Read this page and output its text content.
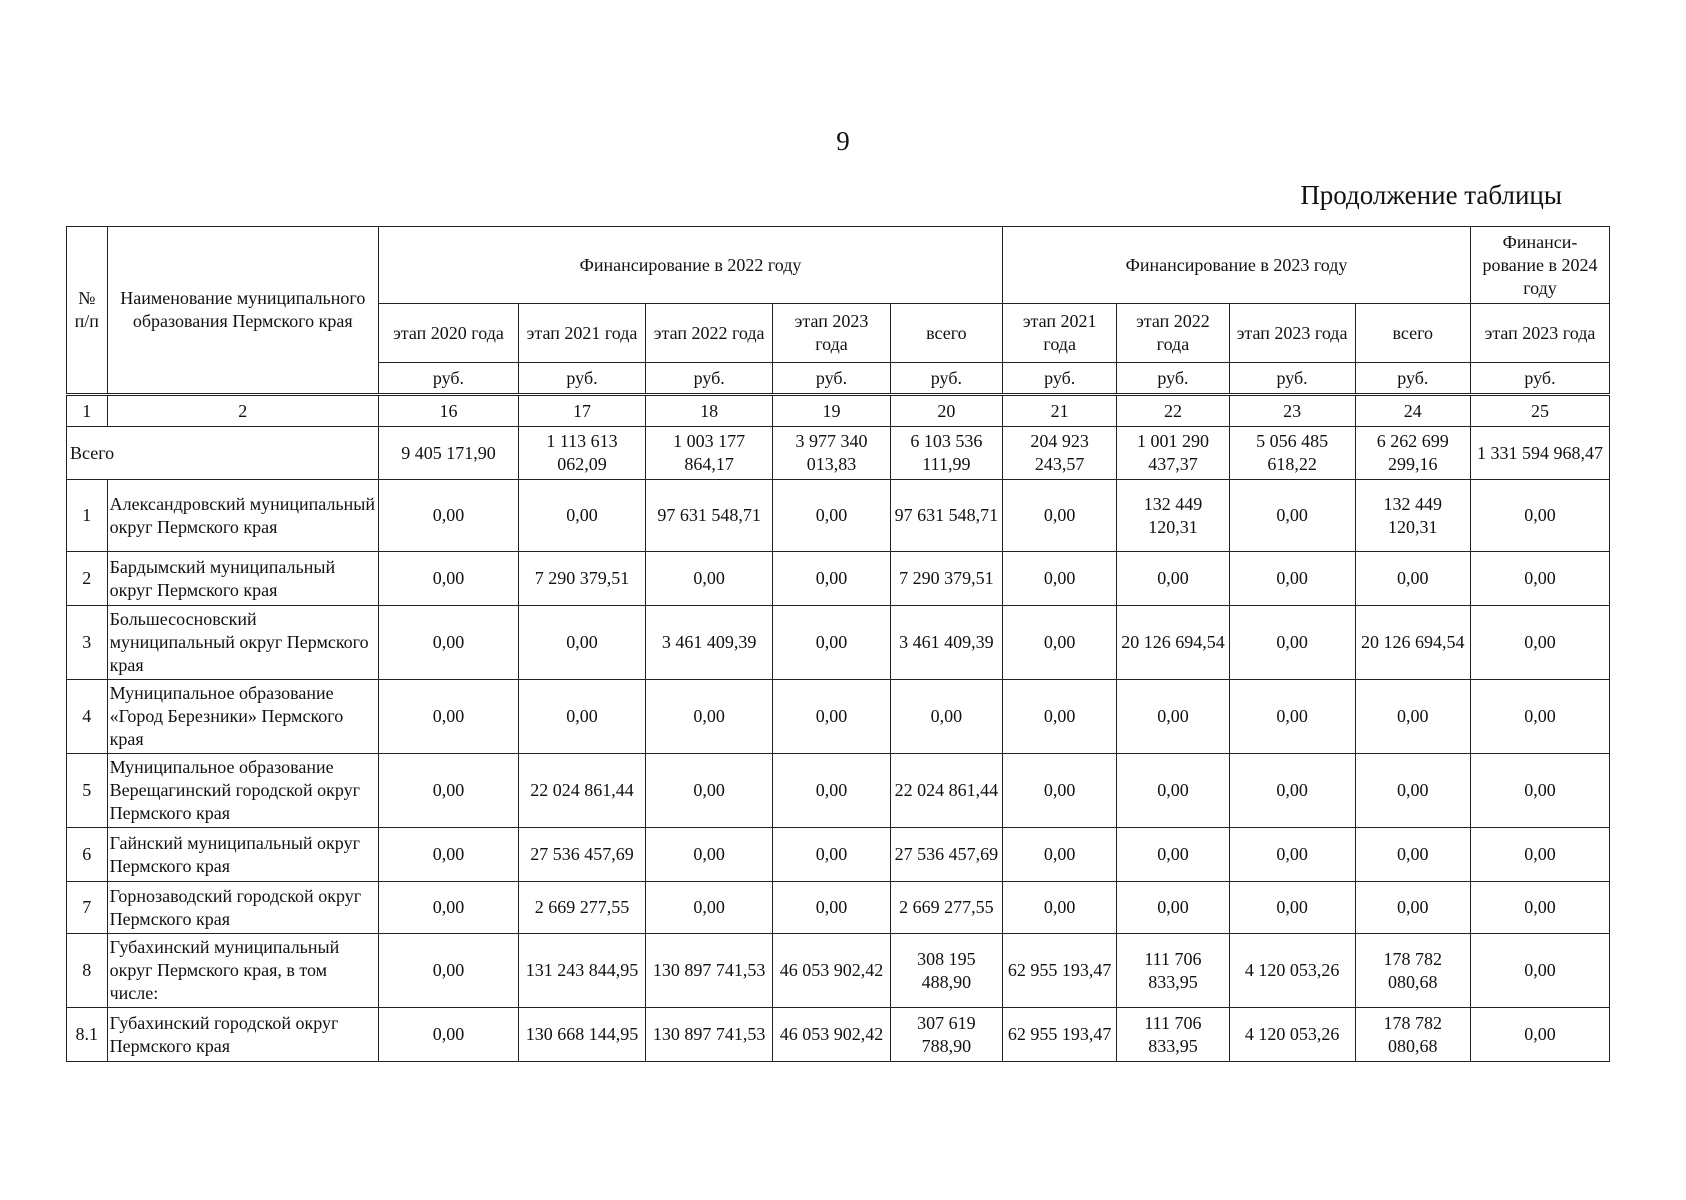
9
Продолжение таблицы
№ п/п	Наименование муниципального образования Пермского края	Финансирование в 2022 году					Финансирование в 2023 году				Финанси-рование в 2024 году
		этап 2020 года	этап 2021 года	этап 2022 года	этап 2023 года	всего	этап 2021 года	этап 2022 года	этап 2023 года	всего	этап 2023 года
		руб.	руб.	руб.	руб.	руб.	руб.	руб.	руб.	руб.	руб.
1	2	16	17	18	19	20	21	22	23	24	25
Всего		9 405 171,90	1 113 613 062,09	1 003 177 864,17	3 977 340 013,83	6 103 536 111,99	204 923 243,57	1 001 290 437,37	5 056 485 618,22	6 262 699 299,16	1 331 594 968,47
1	Александровский муниципальный округ Пермского края	0,00	0,00	97 631 548,71	0,00	97 631 548,71	0,00	132 449 120,31	0,00	132 449 120,31	0,00
2	Бардымский муниципальный округ Пермского края	0,00	7 290 379,51	0,00	0,00	7 290 379,51	0,00	0,00	0,00	0,00	0,00
3	Большесосновский муниципальный округ Пермского края	0,00	0,00	3 461 409,39	0,00	3 461 409,39	0,00	20 126 694,54	0,00	20 126 694,54	0,00
4	Муниципальное образование «Город Березники» Пермского края	0,00	0,00	0,00	0,00	0,00	0,00	0,00	0,00	0,00	0,00
5	Муниципальное образование Верещагинский городской округ Пермского края	0,00	22 024 861,44	0,00	0,00	22 024 861,44	0,00	0,00	0,00	0,00	0,00
6	Гайнский муниципальный округ Пермского края	0,00	27 536 457,69	0,00	0,00	27 536 457,69	0,00	0,00	0,00	0,00	0,00
7	Горнозаводский городской округ Пермского края	0,00	2 669 277,55	0,00	0,00	2 669 277,55	0,00	0,00	0,00	0,00	0,00
8	Губахинский муниципальный округ Пермского края, в том числе:	0,00	131 243 844,95	130 897 741,53	46 053 902,42	308 195 488,90	62 955 193,47	111 706 833,95	4 120 053,26	178 782 080,68	0,00
8.1	Губахинский городской округ Пермского края	0,00	130 668 144,95	130 897 741,53	46 053 902,42	307 619 788,90	62 955 193,47	111 706 833,95	4 120 053,26	178 782 080,68	0,00
